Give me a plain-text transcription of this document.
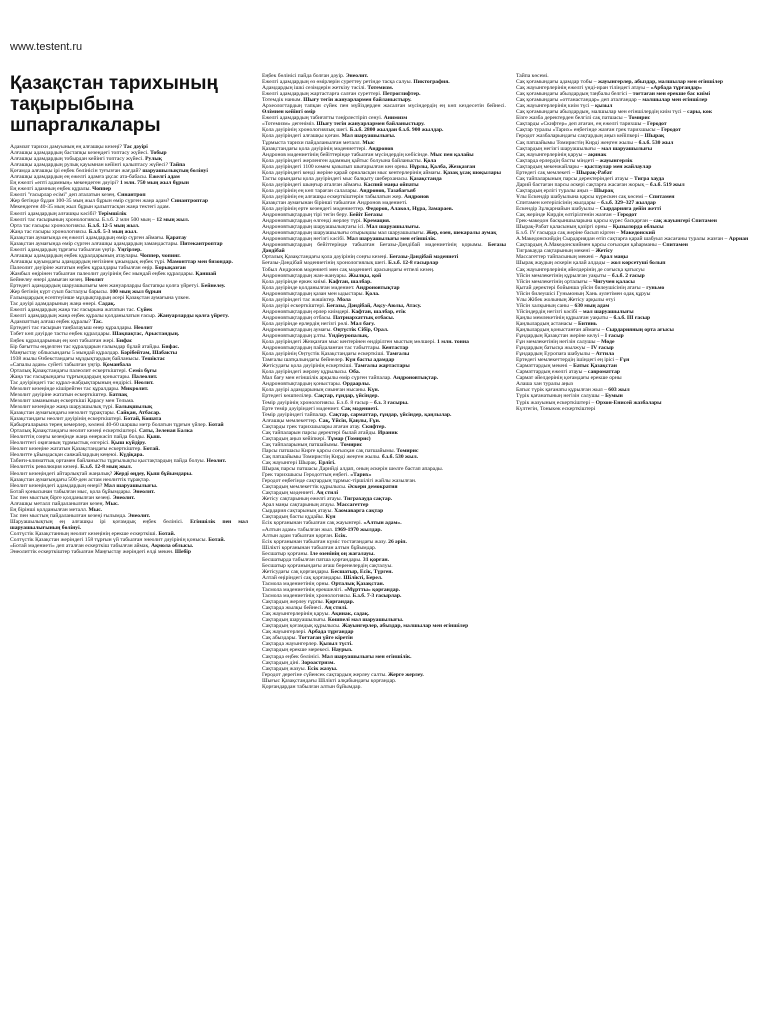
www.testent.ru
Қазақстан тарихының тақырыбына шпаргалкалары

Адамзат тарихи дамуының ең алғашқы кезеңі? Тас дәуірі

Алғашқы адамдардың бастапқы кезеңдегі топтасу жүйесі. Тобыр

Алғашқы адамдардың тобырдан кейінгі топтасу жүйесі. Рулық

Алғашқы адамдардың рулық қауымнан кейінгі қалыптасу жүйесі? Тайпа

Қоғамда алғашқы ірі еңбек бөлінісін туғызған жағдай? шаруашылықтың бөлінуі

Алғашқы адамдардың ең ежелгі адамға ұқсас ата-бабасы. Ежелгі адам

Ең ежелгі «епті адамның» мекендеген дәуірі? 1 млн. 750 мың жыл бұрын

Ең ежелгі адамның еңбек құралы. Чоппер

Ежелгі "ғасырлар есімі" деп аталатын кезең. Синантроп

Жер бетінде бұдан 100-35 мың жыл бұрын өмір сүрген жаңа адам? Синантроптар

Мекендеген 40-35 мың жыл бұрын қалыптасқан жаңа тектегі адам.

Ежелгі адамдардың алғашқы кәсібі? Терімшілік

Ежелгі тас ғасырының хронологиясы. Б.з.б. 2 млн 500 мың – 12 мың жыл.

Орта тас ғасыры хронологиясы. Б.з.б. 12-5 мың жыл.

Жаңа тас ғасыры хронологиясы. Б.з.б. 5-3 мың жыл.

Қазақстан аумағында ең ежелгі адамдардың өмір сүрген аймағы. Қаратау

Қазақстан аумағында өмір сүрген алғашқы адамдардың замандастары. Питекантроптар

Ежелгі адамдардың тұрғағы табылған үңгір. Үңгірлер.

Алғашқы адамдардың еңбек құралдарының атаулары. Чоппер, чопинг.

Алғашқы қауымдағы адамдардың негізінен ұжымдық еңбек түрі. Мамонттар мен бизондар.

Палеолит дәуіріне жататын еңбек құралдары табылған өңір. Борықазған

Жамбыл өңірінен табылған палеолит дәуірінің бес мыңдай еңбек құралдары. Қаншай

Бейнелеу өнері дамыған кезең. Неолит

Ертедегі адамдардың шаруашылығы мен жануарларды бастапқы қолға үйретуі. Бейнелеу.

Жер бетінің күрт суып басталуы барысы. 100 мың жыл бұрын

Ғалымдардың есептеуінше мұздықтардың әсері Қазақстан аумағына үлкен.

Тас дәуірі адамдарының жаңа өнері. Садақ.

Ежелгі адамдардың жаңа тас ғасырына жататын тас. Сүйек

Ежелгі адамдардың жаңа еңбек құралы қолданылатын ғасыр. Жануарларды қолға үйрету.

Адамзаттың алғаш еңбек құралы? Тас.

Ертедегі тас ғасырын таңбалауыш өнер құралдары. Неолит

Тәбет көп дәуірде тасты еңбек құралдары. Шақпақтас, Арыстандың.

Еңбек құралдарының ең көп табылған жері. Бифас

Бір бағытты өңделген тас құралдарын ғалымдар бұлай атайды. Бифас.

Маңғыстау облысындағы 5 мыңдай құралдар. Бәрібейтам, Шабакты

1938 жылы Өзбекстандағы мұздықтардың байланысы. Тешіктас

«Сапалы адам» суйеті табылған үңгір. Қоманбала

Орталық Қазақстандағы палеолит ескерткіштері. Семіз бұғы

Жаңа тас ғасырындағы тұрғындардың қоныстары. Палеолит.

Тас дәуіріндегі тас құрал-жабдықтарының өндірісі. Неолит.

Мезолит кезеңінде кішірейген тас құралдары. Микролит.

Мезолит дәуіріне жататын ескерткіштер. Батпақ

Мезолит заманының ескерткіші Қарасу мен Тельма.

Мезолит кезеңінде жаңа шаруашылық түрі. Балықшылық

Қазақстан аумағындағы мезолит тұрақтары. Сайқан, Атбасар.

Қазақстандағы неолит дәуірінің ескерткіштері. Ботай, Кошата

Қабырғаларына терең кемерлер, көлемі 40-60 шаршы метр болатын тұрғын үйлер. Ботай

Орталық Қазақстандағы неолит кезеңі ескерткіштері. Саты, Зеленая Балка

Неолиттің соңғы кезеңінде жаңа өнеркәсіп пайда болды. Қыш.

Неолиттегі оқиғаның тұрмыстық өзгерісі. Қыш күйдіру.

Неолит кезеңіне жататын Қазақстандағы ескерткіштер. Ботай.

Неолитте ұйымдасқан саяжайлардың кеңеюі. Күдіқара.

Табиғи-климаттық ортамен байланысты тұрғылықты қыстақтардың пайда болуы. Неолит.

Неолиттік революция кезеңі. Б.з.б. 12-8 мың жыл.

Неолит кезеңіндегі айтарлықтай жаңалық? Жерді өңдеу, Қыш бұйымдары.

Қазақстан аумағындағы 500-ден астам неолиттік тұрақтар.

Неолит кезеңіндегі адамдардың өнері? Мал шаруашылығы.

Ботай қонысынан табылған мыс, қола бұйымдары. Энеолит.

Тас пен мыстың бірге қолданылған кезеңі. Энеолит.

Алғашқы металл пайдаланылған кезең. Мыс.

Ең бірінші қолданылған металл. Мыс.

Тас пен мыстың пайдаланылған кезеңі ғылымда. Энеолит.

Шаруашылықтың ең алғашқы ірі қоғамдық еңбек бөлінісі. Егіншілік пен мал шаруашылығының бөлінуі.

Солтүстік Қазақстанның неолит кезеңінің ерекше ескерткіші. Ботай.

Солтүстік Қазақстан жеріндегі 158 тұрғын үй табылған энеолит дәуірінің қонысы. Ботай.

«Ботай мәдениеті» деп аталған ескерткіш табылған аймақ. Ақмола облысы.

Энеолиттік ескерткіштер табылған Маңғыстау жеріндегі елді мекен. Шебір

Еңбек бөлінісі пайда болған дәуір. Энеолит.

Ежелгі адамдардың өз өмірлерін суреттеу ретінде тасқа салуы. Пиктография.

Адамдардың ішкі сезімдерін жеткізу тәсілі. Тотемизм.

Ежелгі адамдардың жартастарға салған суреттері. Петроглифтер.

Тотемдік наным. Шығу тегін жануарлармен байланыстыру.

Археологтардың тапқан сүйек пен мүйіздерден жасалған мүсіндердің ең көп кездесетін бейнесі. Өлімнен кейінгі өмір

Ежелгі адамдардың табиғатты тәңірлестіріп сенуі. Анимизм

«Тотемизм» дегеніміз. Шығу тегін жануарлармен байланыстыру.

Қола дәуірінің хронологиялық шегі. Б.з.б. 2800 жылдан б.з.б. 900 жылдар.

Қола дәуіріндегі алғашқы қоғам. Мал шаруашылығы.

Тұрмыста тарихи пайдаланылған металл. Мыс

Қазақстандағы қола дәуірінің мәдениеттері. Андронов

Андронов мәдениетінің бейіттерінде табылған мүсіндердің көбісінде. Мыс пен қалайы

Қола дәуіріндегі жерленген адамның қайтыс болуына байланысты. Қола

Қола дәуіріндегі 1100 көмем қазылып шығарылған кен орны. Нұрлы, Қалба, Жезқазған

Қола дәуіріндегі кенді жеріне қарай орналасқан мыс кентерлерінің аймағы. Қазақ ұсақ шоқылары

Тасты орындағы қола дәуіріндегі мыс балқыту шеберханасы. Қазақстанда

Қола дәуіріндегі шыңғыр аталған аймағы. Каспий маңы ойпаты

Қола дәуірінің ең көп тараған салалары. Андронов, Тазабағъяб

Қола дәуірінің ең алғашқы ескерткіштерін табылатын жер. Андронов

Қазақстан аумағынан бірінші табылған Андронов мәдениеті.

Қола дәуірінің ерте кезеңдегі мәдениеттер. Федоров, Алакөл, Нұра, Замараев.

Андроновтықтардың тірі тегін беру. Бейіт Беғазы

Андроновтықтардың өлгенді жерлеу түрі. Кремация.

Андроновтықтардың шаруашылықтағы ісі. Мал шаруашылығы.

Андроновтықтардың шаруашылығы отырықшы мал шаруашылығы. Жер, өзен, шекаралы аумақ

Андроновтықтардың негізгі кәсібі. Мал шаруашылығы мен егіншілік.

Андроновтықтардың бейіттерінде табылған Беғазы-Дәндібай мәдениетінің қорымы. Беғазы Дәндібай

Орталық Қазақстандағы қола дәуірінің соңғы кезеңі. Беғазы-Дәндібай мәдениеті

Беғазы-Дәндібай мәдениетінің хронологиялық шегі. Б.з.б. 12-8 ғасырлар

Тобыл Андронов мәдениеті мен сақ мәдениеті арасындағы өтпелі кезең.

Андроновтықтардың жан-жануары. Жылқы, қой

Қола дәуірінде еркек киімі. Кафтан, шалбар.

Қола дәуірінде қолданылған мәдениет. Андроновтықтар

Андроновтықтардың қазан мен ыдыстары. Қола.

Қола дәуіріндегі тас жәшіктер. Мола

Қола дәуірі ескерткіштері. Беғазы, Дәндібай, Ақсу-Аюлы, Атасу.

Андроновтықтардың ерлер киімдері. Кафтан, шалбар, етік

Андроновтықтардың отбасы. Патриархаттық отбасы.

Қола дәуірінде ерлердің негізгі рөлі. Мал бағу.

Андроновтықтардың аумағы. Оңтүстік Сібір, Орал.

Андроновтықтардың ұлты. Үндіеуропалық.

Қола дәуіріндегі Жезқазған мыс кентерінен өндірілген мыстың мөлшері. 1 млн. тонна

Андроновтықтардың пайдаланған тас табыттары. Кентастар

Қола дәуірінің Оңтүстік Қазақстандағы ескерткіші. Тамғалы

Тамғалы шатқалындағы бейнелер. Күн басты адамдар

Жетісудағы қола дәуірінің ескерткіші. Тамғалы жартастары

Қола дәуіріндегі жерлеу құрылысы. Оба.

Мал бағу мен егіншілік арқылы өмір сүрген тайпалар. Андроновтықтар.

Андроновтықтардың қоныстары. Ордаарлы.

Қола дәуірі адамдарының сиынған нысаны. Күн.

Ертедегі көшпелілер. Сақтар, ғұндар, үйсіндер.

Темір дәуірінің хронологиясы. Б.з.б. 8 ғасыр – б.з. 3 ғасыры.

Ерте темір дәуіріндегі мәдениет. Сақ мәдениеті.

Темір дәуіріндегі тайпалар. Сақтар, сарматтар, ғұндар, үйсіндер, қаңлылар.

Алғашқы мемлекеттер. Сақ, Үйсін, Қаңлы, Ғұн.

Сақтарды грек тарихшылары атаған атау. Скифтер.

Сақ тайпаларын парсы деректері былай атайды. Ираник

Сақтардың аңыз кейіпкері. Тұмар (Томирис)

Сақ тайпаларының патшайымы. Томирис

Парсы патшасы Кирге қарсы соғысқан сақ патшайымы. Томирис

Сақ патшайымы Томиристің Кирді жеңген жылы. б.з.б. 530 жыл.

Сақ жауынгері Шырақ. Ерлігі.

Шырақ парсы патшасы Дарийді алдап, оның әскерін шөлге бастап апарады.

Грек тарихшысы Геродоттың еңбегі. «Тарих»

Геродот еңбегінде сақтардың тұрмыс-тіршілігі жайлы жазылған.

Сақтардың мемлекеттік құрылысы. Әскери демократия

Сақтардың мәдениеті. Аң стилі

Жетісу сақтарының ежелгі атауы. Тиграхауда сақтар.

Арал маңы сақтарының атауы. Массагеттер

Сырдария сақтарының атауы. Хаомаварга сақтар

Сақтардың басты құдайы. Күн

Есік қорғанынан табылған сақ жауынгері. «Алтын адам».

«Алтын адам» табылған жыл. 1969-1970 жылдар.

Алтын адам табылған қорған. Есік.

Есік қорғанынан табылған күміс тостағандағы жазу. 26 әріп.

Шілікті қорғанынан табылған алтын бұйымдар.

Бесшатыр қорғаны. Іле өзенінің оң жағалауы.

Бесшатырда табылған патша қорғандары. 31 қорған.

Бесшатыр қорғанындағы ағаш бөренелердің сақталуы.

Жетісудағы сақ қорғандары. Бесшатыр, Есік, Түрген.

Алтай өңіріндегі сақ қорғандары. Шілікті, Берел.

Тасмола мәдениетінің орны. Орталық Қазақстан.

Тасмола мәдениетінің ерекшелігі. «Мұртты» қорғандар.

Тасмола мәдениетінің хронологиясы. Б.з.б. 7-3 ғасырлар.

Сақтардың жерлеу ғұрпы. Қорғандар.

Сақтарда жылқы бейнесі. Аң стилі.

Сақ жауынгерлерінің қаруы. Ақинак, садақ.

Сақтардың шаруашылығы. Көшпелі мал шаруашылығы.

Сақтардың қоғамдық құрылысы. Жауынгерлер, абыздар, малшылар мен егіншілер

Сақ жауынгерлері. Арбада тұрғандар

Сақ абыздары. Тоғтаған үйге кіретін

Сақтарда жауынгерлер. Қызыл түсті.

Сақтардың ерекше мерекесі. Наурыз.

Сақтарда еңбек бөлінісі. Мал шаруашылығы мен егіншілік.

Сақтардың діні. Зороастризм.

Сақтардың жазуы. Есік жазуы.

Геродот дерегіне сүйенсек сақтардың жерлеу салты. Жерге жерлеу.

Шығыс Қазақстандағы Шілікті алқабындағы қорғандар.

Қорғандардан табылған алтын бұйымдар.

Тайпа көсемі.

Сақ қоғамындағы адамдар тобы – жауынгерлер, абыздар, малшылар мен егіншілер

Сақ жауынгерлерінің ежелгі үнді-иран тіліндегі атауы – «Арбада тұрғандар»

Сақ қоғамындағы абыздардың таңбалы белгісі – тоғтаған мен ерекше бас киімі

Сақ қоғамындағы «оттанастандар» деп аталғандар – малшылар мен егіншілер

Сақ жауынгерлерінің киім түсі – қызыл

Сақ қоғамындағы абыздардың, малшылар мен егіншілердің киім түсі – сары, көк

Бізге жазба деректерден белгілі сақ патшасы – Томирис

Сақтарды «Скифтер» деп атаған, ең ежелгі тарихшы – Геродот

Сақтар туралы «Тарих» еңбегінде жазған грек тарихшысы – Геродот

Геродот жазбаларындағы сақтардың аңыз кейіпкері – Шырақ

Сақ патшайымы Томиристің Кирді жеңген жылы – б.з.б. 530 жыл

Сақтардың негізгі шаруашылығы – мал шаруашылығы

Сақ жауынгерлерінің қаруы – ақинак

Сақтарда ерлердің басты міндеті – жауынгерлік

Сақтардың мекенжайлары – қыстаулар мен жайлаулар

Ертедегі сақ мемлекеті – Шырақ-Рабат

Сақ тайпаларының парсы деректеріндегі атауы – Тигра хауда

Дарий бастаған парсы әскері сақтарға жасаған жорық – б.з.б. 519 жыл

Сақтардың ерлігі туралы аңыз – Шырақ

Ұлы Ескендір шабуылына қарсы күрескен сақ көсемі – Спитамен

Спитамен көтерілісінің жылдары – б.з.б. 329–327 жылдар

Ескендір Зұлқарнайын шабуылы – Сырдарияға дейін жетті

Сақ жерінде Кирдің өлтірілгенін жазған – Геродот

Грек-македон басқыншыларына қарсы күрес басқарған – сақ жауынгері Спитамен

Шырақ-Рабат қаласының қазіргі орны – Қызылорда облысы

Б.з.б. IV ғасырда сақ жеріне басып кірген – Македонский

А.Македонскийдің Сырдариядан өтіп сақтарға қарай шабуыл жасағаны туралы жазған – Арриан

Сақтардың А.Македонскиймен қарсы соғысқан қаһарманы – Спитамен

Тигракауда сақтарының мекені – Жетісу

Массагеттер тайпасының мекені – Арал маңы

Шырақ жаудың әскерін қалай алдады – жол көрсетуші болып

Сақ жауынгерлерінің әйелдерінің де соғысқа қатысуы

Үйсін мемлекетінің құрылған уақыты – б.з.б. 2 ғасыр

Үйсін мемлекетінің орталығы – Чигучен қаласы

Қытай деректері бойынша үйсін билеушісінің атағы – гуньмо

Үйсін билеушісі Гуньмоның Хань әулетімен одақ құруы

Ұлы Жібек жолының Жетісу арқылы өтуі

Үйсін халқының саны – 630 мың адам

Үйсіндердің негізгі кәсібі – мал шаруашылығы

Қаңлы мемлекетінің құрылған уақыты – б.з.б. III ғасыр

Қаңлылардың астанасы – Битянь

Қаңлылардың қоныстанған аймағы – Сырдарияның орта ағысы

Ғұндардың Қазақстан жеріне келуі – І ғасыр

Ғұн мемлекетінің негізін салушы – Мөде

Ғұндардың батысқа жылжуы – ІV ғасыр

Ғұндардың Еуропаға шабуылы – Аттила

Ертедегі мемлекеттердің ішіндегі ең ірісі – Ғұн

Сарматтардың мекені – Батыс Қазақстан

Сарматтардың ежелгі атауы – савроматтар

Сармат әйелдерінің қоғамдағы ерекше орны

Алаша хан туралы аңыз

Батыс түрік қағанаты құрылған жыл – 603 жыл

Түрік қағанатының негізін салушы – Бумын

Түрік жазуының ескерткіштері – Орхон-Енисей жазбалары

Күлтегін, Тоныкөк ескерткіштері
